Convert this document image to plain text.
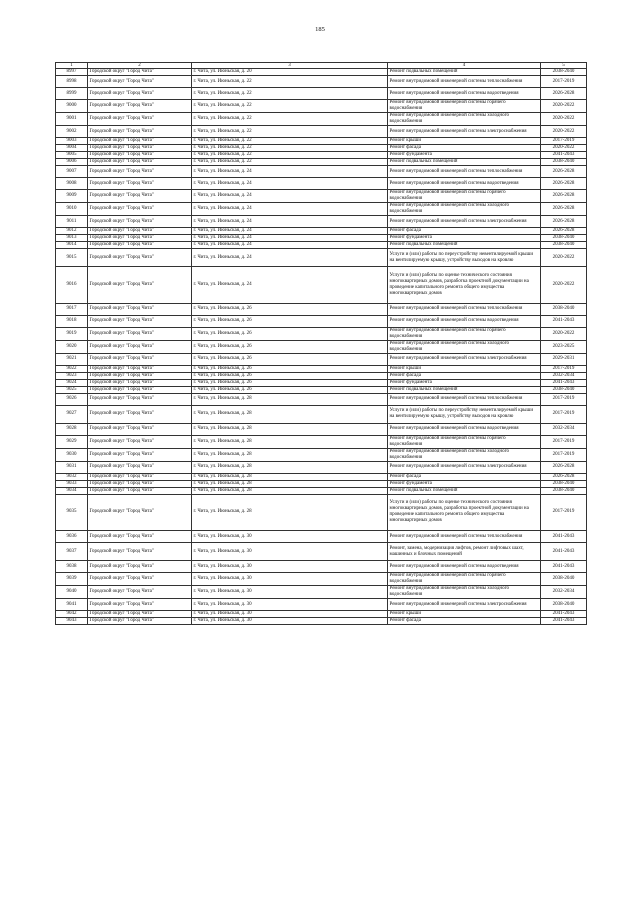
185
1	2	3	4	5
8997	Городской округ "Город Чита"	г. Чита, ул. Июньская, д. 20	Ремонт подвальных помещений	2038-2040
8998	Городской округ "Город Чита"	г. Чита, ул. Июньская, д. 22	Ремонт внутридомовой инженерной системы теплоснабжения	2017-2019
8999	Городской округ "Город Чита"	г. Чита, ул. Июньская, д. 22	Ремонт внутридомовой инженерной системы водоотведения	2026-2028
9000	Городской округ "Город Чита"	г. Чита, ул. Июньская, д. 22	Ремонт внутридомовой инженерной системы горячего водоснабжения	2020-2022
9001	Городской округ "Город Чита"	г. Чита, ул. Июньская, д. 22	Ремонт внутридомовой инженерной системы холодного водоснабжения	2020-2022
9002	Городской округ "Город Чита"	г. Чита, ул. Июньская, д. 22	Ремонт внутридомовой инженерной системы электроснабжения	2020-2022
9003	Городской округ "Город Чита"	г. Чита, ул. Июньская, д. 22	Ремонт крыши	2017-2019
9004	Городской округ "Город Чита"	г. Чита, ул. Июньская, д. 22	Ремонт фасада	2020-2022
9005	Городской округ "Город Чита"	г. Чита, ул. Июньская, д. 22	Ремонт фундамента	2041-2043
9006	Городской округ "Город Чита"	г. Чита, ул. Июньская, д. 22	Ремонт подвальных помещений	2038-2040
9007	Городской округ "Город Чита"	г. Чита, ул. Июньская, д. 24	Ремонт внутридомовой инженерной системы теплоснабжения	2026-2028
9008	Городской округ "Город Чита"	г. Чита, ул. Июньская, д. 24	Ремонт внутридомовой инженерной системы водоотведения	2026-2028
9009	Городской округ "Город Чита"	г. Чита, ул. Июньская, д. 24	Ремонт внутридомовой инженерной системы горячего водоснабжения	2026-2028
9010	Городской округ "Город Чита"	г. Чита, ул. Июньская, д. 24	Ремонт внутридомовой инженерной системы холодного водоснабжения	2026-2028
9011	Городской округ "Город Чита"	г. Чита, ул. Июньская, д. 24	Ремонт внутридомовой инженерной системы электроснабжения	2026-2028
9012	Городской округ "Город Чита"	г. Чита, ул. Июньская, д. 24	Ремонт фасада	2026-2028
9013	Городской округ "Город Чита"	г. Чита, ул. Июньская, д. 24	Ремонт фундамента	2038-2040
9014	Городской округ "Город Чита"	г. Чита, ул. Июньская, д. 24	Ремонт подвальных помещений	2038-2040
9015	Городской округ "Город Чита"	г. Чита, ул. Июньская, д. 24	Услуги и (или) работы по переустройству невентилируемой крыши на вентилируемую крышу, устройству выходов на кровлю	2020-2022
9016	Городской округ "Город Чита"	г. Чита, ул. Июньская, д. 24	Услуги и (или) работы по оценке технического состояния многоквартирных домов, разработка проектной документации на проведение капитального ремонта общего имущества многоквартирных домов	2020-2022
9017	Городской округ "Город Чита"	г. Чита, ул. Июньская, д. 26	Ремонт внутридомовой инженерной системы теплоснабжения	2038-2040
9018	Городской округ "Город Чита"	г. Чита, ул. Июньская, д. 26	Ремонт внутридомовой инженерной системы водоотведения	2041-2043
9019	Городской округ "Город Чита"	г. Чита, ул. Июньская, д. 26	Ремонт внутридомовой инженерной системы горячего водоснабжения	2020-2022
9020	Городской округ "Город Чита"	г. Чита, ул. Июньская, д. 26	Ремонт внутридомовой инженерной системы холодного водоснабжения	2023-2025
9021	Городской округ "Город Чита"	г. Чита, ул. Июньская, д. 26	Ремонт внутридомовой инженерной системы электроснабжения	2029-2031
9022	Городской округ "Город Чита"	г. Чита, ул. Июньская, д. 26	Ремонт крыши	2017-2019
9023	Городской округ "Город Чита"	г. Чита, ул. Июньская, д. 26	Ремонт фасада	2032-2034
9024	Городской округ "Город Чита"	г. Чита, ул. Июньская, д. 26	Ремонт фундамента	2041-2043
9025	Городской округ "Город Чита"	г. Чита, ул. Июньская, д. 26	Ремонт подвальных помещений	2038-2040
9026	Городской округ "Город Чита"	г. Чита, ул. Июньская, д. 28	Ремонт внутридомовой инженерной системы теплоснабжения	2017-2019
9027	Городской округ "Город Чита"	г. Чита, ул. Июньская, д. 28	Услуги и (или) работы по переустройству невентилируемой крыши на вентилируемую крышу, устройству выходов на кровлю	2017-2019
9028	Городской округ "Город Чита"	г. Чита, ул. Июньская, д. 28	Ремонт внутридомовой инженерной системы водоотведения	2032-2034
9029	Городской округ "Город Чита"	г. Чита, ул. Июньская, д. 28	Ремонт внутридомовой инженерной системы горячего водоснабжения	2017-2019
9030	Городской округ "Город Чита"	г. Чита, ул. Июньская, д. 28	Ремонт внутридомовой инженерной системы холодного водоснабжения	2017-2019
9031	Городской округ "Город Чита"	г. Чита, ул. Июньская, д. 28	Ремонт внутридомовой инженерной системы электроснабжения	2026-2028
9032	Городской округ "Город Чита"	г. Чита, ул. Июньская, д. 28	Ремонт фасада	2026-2028
9033	Городской округ "Город Чита"	г. Чита, ул. Июньская, д. 28	Ремонт фундамента	2038-2040
9034	Городской округ "Город Чита"	г. Чита, ул. Июньская, д. 28	Ремонт подвальных помещений	2038-2040
9035	Городской округ "Город Чита"	г. Чита, ул. Июньская, д. 28	Услуги и (или) работы по оценке технического состояния многоквартирных домов, разработка проектной документации на проведение капитального ремонта общего имущества многоквартирных домов	2017-2019
9036	Городской округ "Город Чита"	г. Чита, ул. Июньская, д. 30	Ремонт внутридомовой инженерной системы теплоснабжения	2041-2043
9037	Городской округ "Город Чита"	г. Чита, ул. Июньская, д. 30	Ремонт, замена, модернизация лифтов, ремонт лифтовых шахт, машинных и блочных помещений	2041-2043
9038	Городской округ "Город Чита"	г. Чита, ул. Июньская, д. 30	Ремонт внутридомовой инженерной системы водоотведения	2041-2043
9039	Городской округ "Город Чита"	г. Чита, ул. Июньская, д. 30	Ремонт внутридомовой инженерной системы горячего водоснабжения	2038-2040
9040	Городской округ "Город Чита"	г. Чита, ул. Июньская, д. 30	Ремонт внутридомовой инженерной системы холодного водоснабжения	2032-2034
9041	Городской округ "Город Чита"	г. Чита, ул. Июньская, д. 30	Ремонт внутридомовой инженерной системы электроснабжения	2038-2040
9042	Городской округ "Город Чита"	г. Чита, ул. Июньская, д. 30	Ремонт крыши	2041-2043
9043	Городской округ "Город Чита"	г. Чита, ул. Июньская, д. 30	Ремонт фасада	2041-2043
